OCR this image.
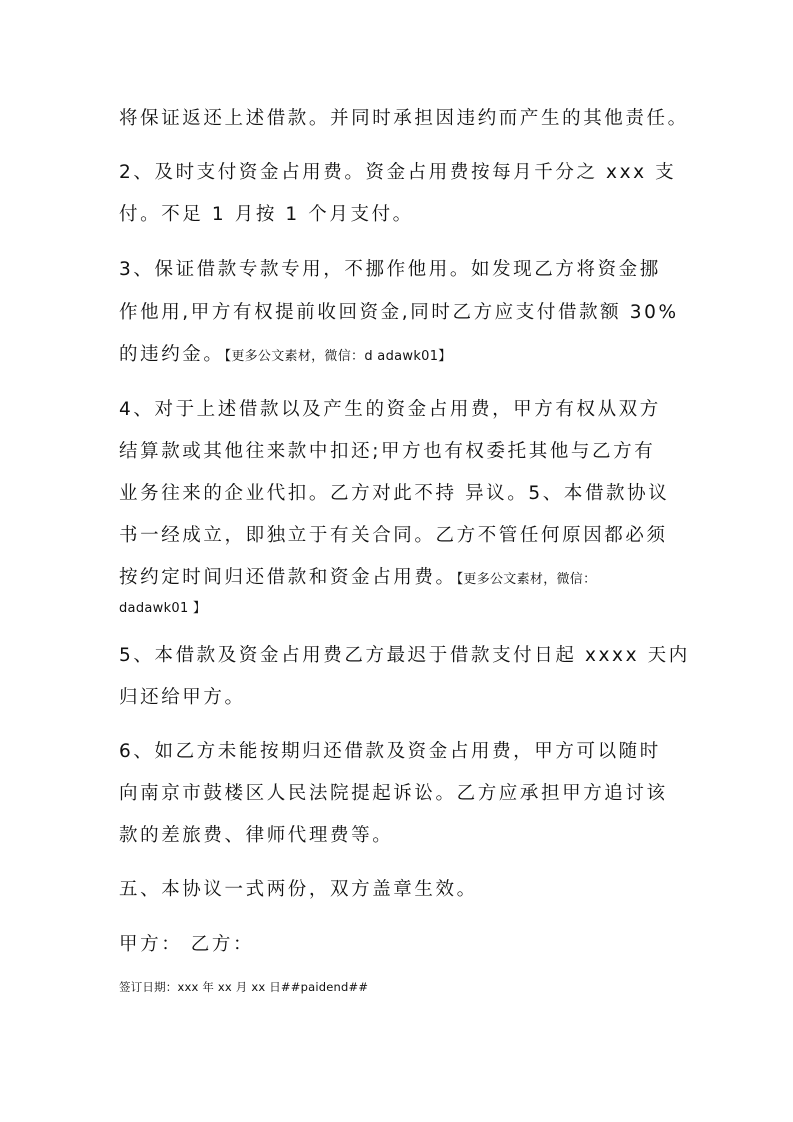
将保证返还上述借款。并同时承担因违约而产生的其他责任。
2、及时支付资金占用费。资金占用费按每月千分之 xxx 支
付。不足 1 月按 1 个月支付。
3、保证借款专款专用，不挪作他用。如发现乙方将资金挪
作他用,甲方有权提前收回资金,同时乙方应支付借款额 30%
的违约金。【更多公文素材，微信：d adawk01】
4、对于上述借款以及产生的资金占用费，甲方有权从双方
结算款或其他往来款中扣还;甲方也有权委托其他与乙方有
业务往来的企业代扣。乙方对此不持 异议。5、本借款协议
书一经成立，即独立于有关合同。乙方不管任何原因都必须
按约定时间归还借款和资金占用费。【更多公文素材，微信：
dadawk01 】
5、本借款及资金占用费乙方最迟于借款支付日起 xxxx 天内
归还给甲方。
6、如乙方未能按期归还借款及资金占用费，甲方可以随时
向南京市鼓楼区人民法院提起诉讼。乙方应承担甲方追讨该
款的差旅费、律师代理费等。
五、本协议一式两份，双方盖章生效。
甲方： 乙方：
签订日期：xxx 年 xx 月 xx 日##paidend##
